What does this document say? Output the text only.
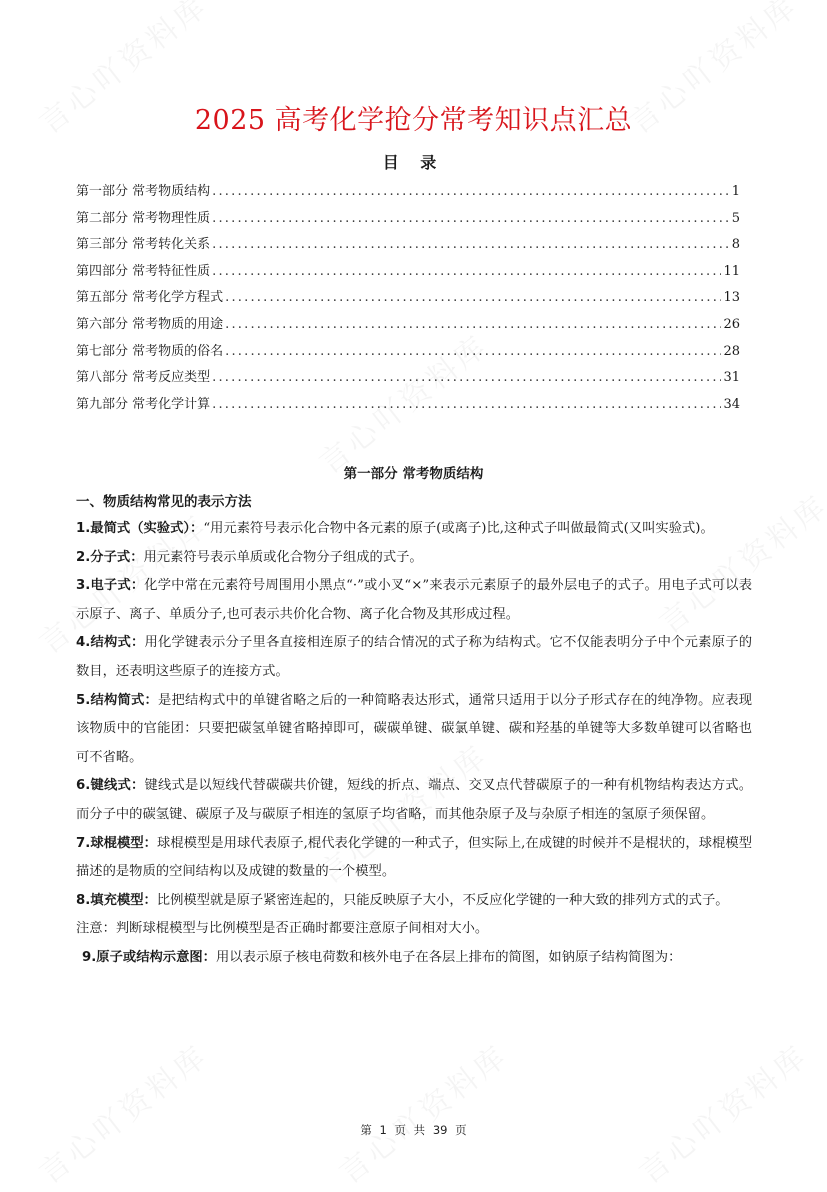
2025 高考化学抢分常考知识点汇总
目 录
第一部分 常考物质结构 .....	1
第二部分 常考物理性质 .....	5
第三部分 常考转化关系 .....	8
第四部分 常考特征性质 .....	11
第五部分 常考化学方程式 .....	13
第六部分 常考物质的用途 .....	26
第七部分 常考物质的俗名 .....	28
第八部分 常考反应类型 .....	31
第九部分 常考化学计算 .....	34
第一部分 常考物质结构
一、物质结构常见的表示方法

1.最简式（实验式）：“用元素符号表示化合物中各元素的原子(或离子)比,这种式子叫做最简式(又叫实验式)。

2.分子式：用元素符号表示单质或化合物分子组成的式子。

3.电子式：化学中常在元素符号周围用小黑点“·”或小叉“×”来表示元素原子的最外层电子的式子。用电子式可以表示原子、离子、单质分子,也可表示共价化合物、离子化合物及其形成过程。

4.结构式：用化学键表示分子里各直接相连原子的结合情况的式子称为结构式。它不仅能表明分子中个元素原子的数目，还表明这些原子的连接方式。

5.结构简式：是把结构式中的单键省略之后的一种简略表达形式，通常只适用于以分子形式存在的纯净物。应表现该物质中的官能团：只要把碳氢单键省略掉即可，碳碳单键、碳氯单键、碳和羟基的单键等大多数单键可以省略也可不省略。

6.键线式：键线式是以短线代替碳碳共价键，短线的折点、端点、交叉点代替碳原子的一种有机物结构表达方式。而分子中的碳氢键、碳原子及与碳原子相连的氢原子均省略，而其他杂原子及与杂原子相连的氢原子须保留。

7.球棍模型：球棍模型是用球代表原子,棍代表化学键的一种式子，但实际上,在成键的时候并不是棍状的，球棍模型描述的是物质的空间结构以及成键的数量的一个模型。

8.填充模型：比例模型就是原子紧密连起的，只能反映原子大小，不反应化学键的一种大致的排列方式的式子。

注意：判断球棍模型与比例模型是否正确时都要注意原子间相对大小。

9.原子或结构示意图：用以表示原子核电荷数和核外电子在各层上排布的简图，如钠原子结构简图为：

第 1 页 共 39 页
